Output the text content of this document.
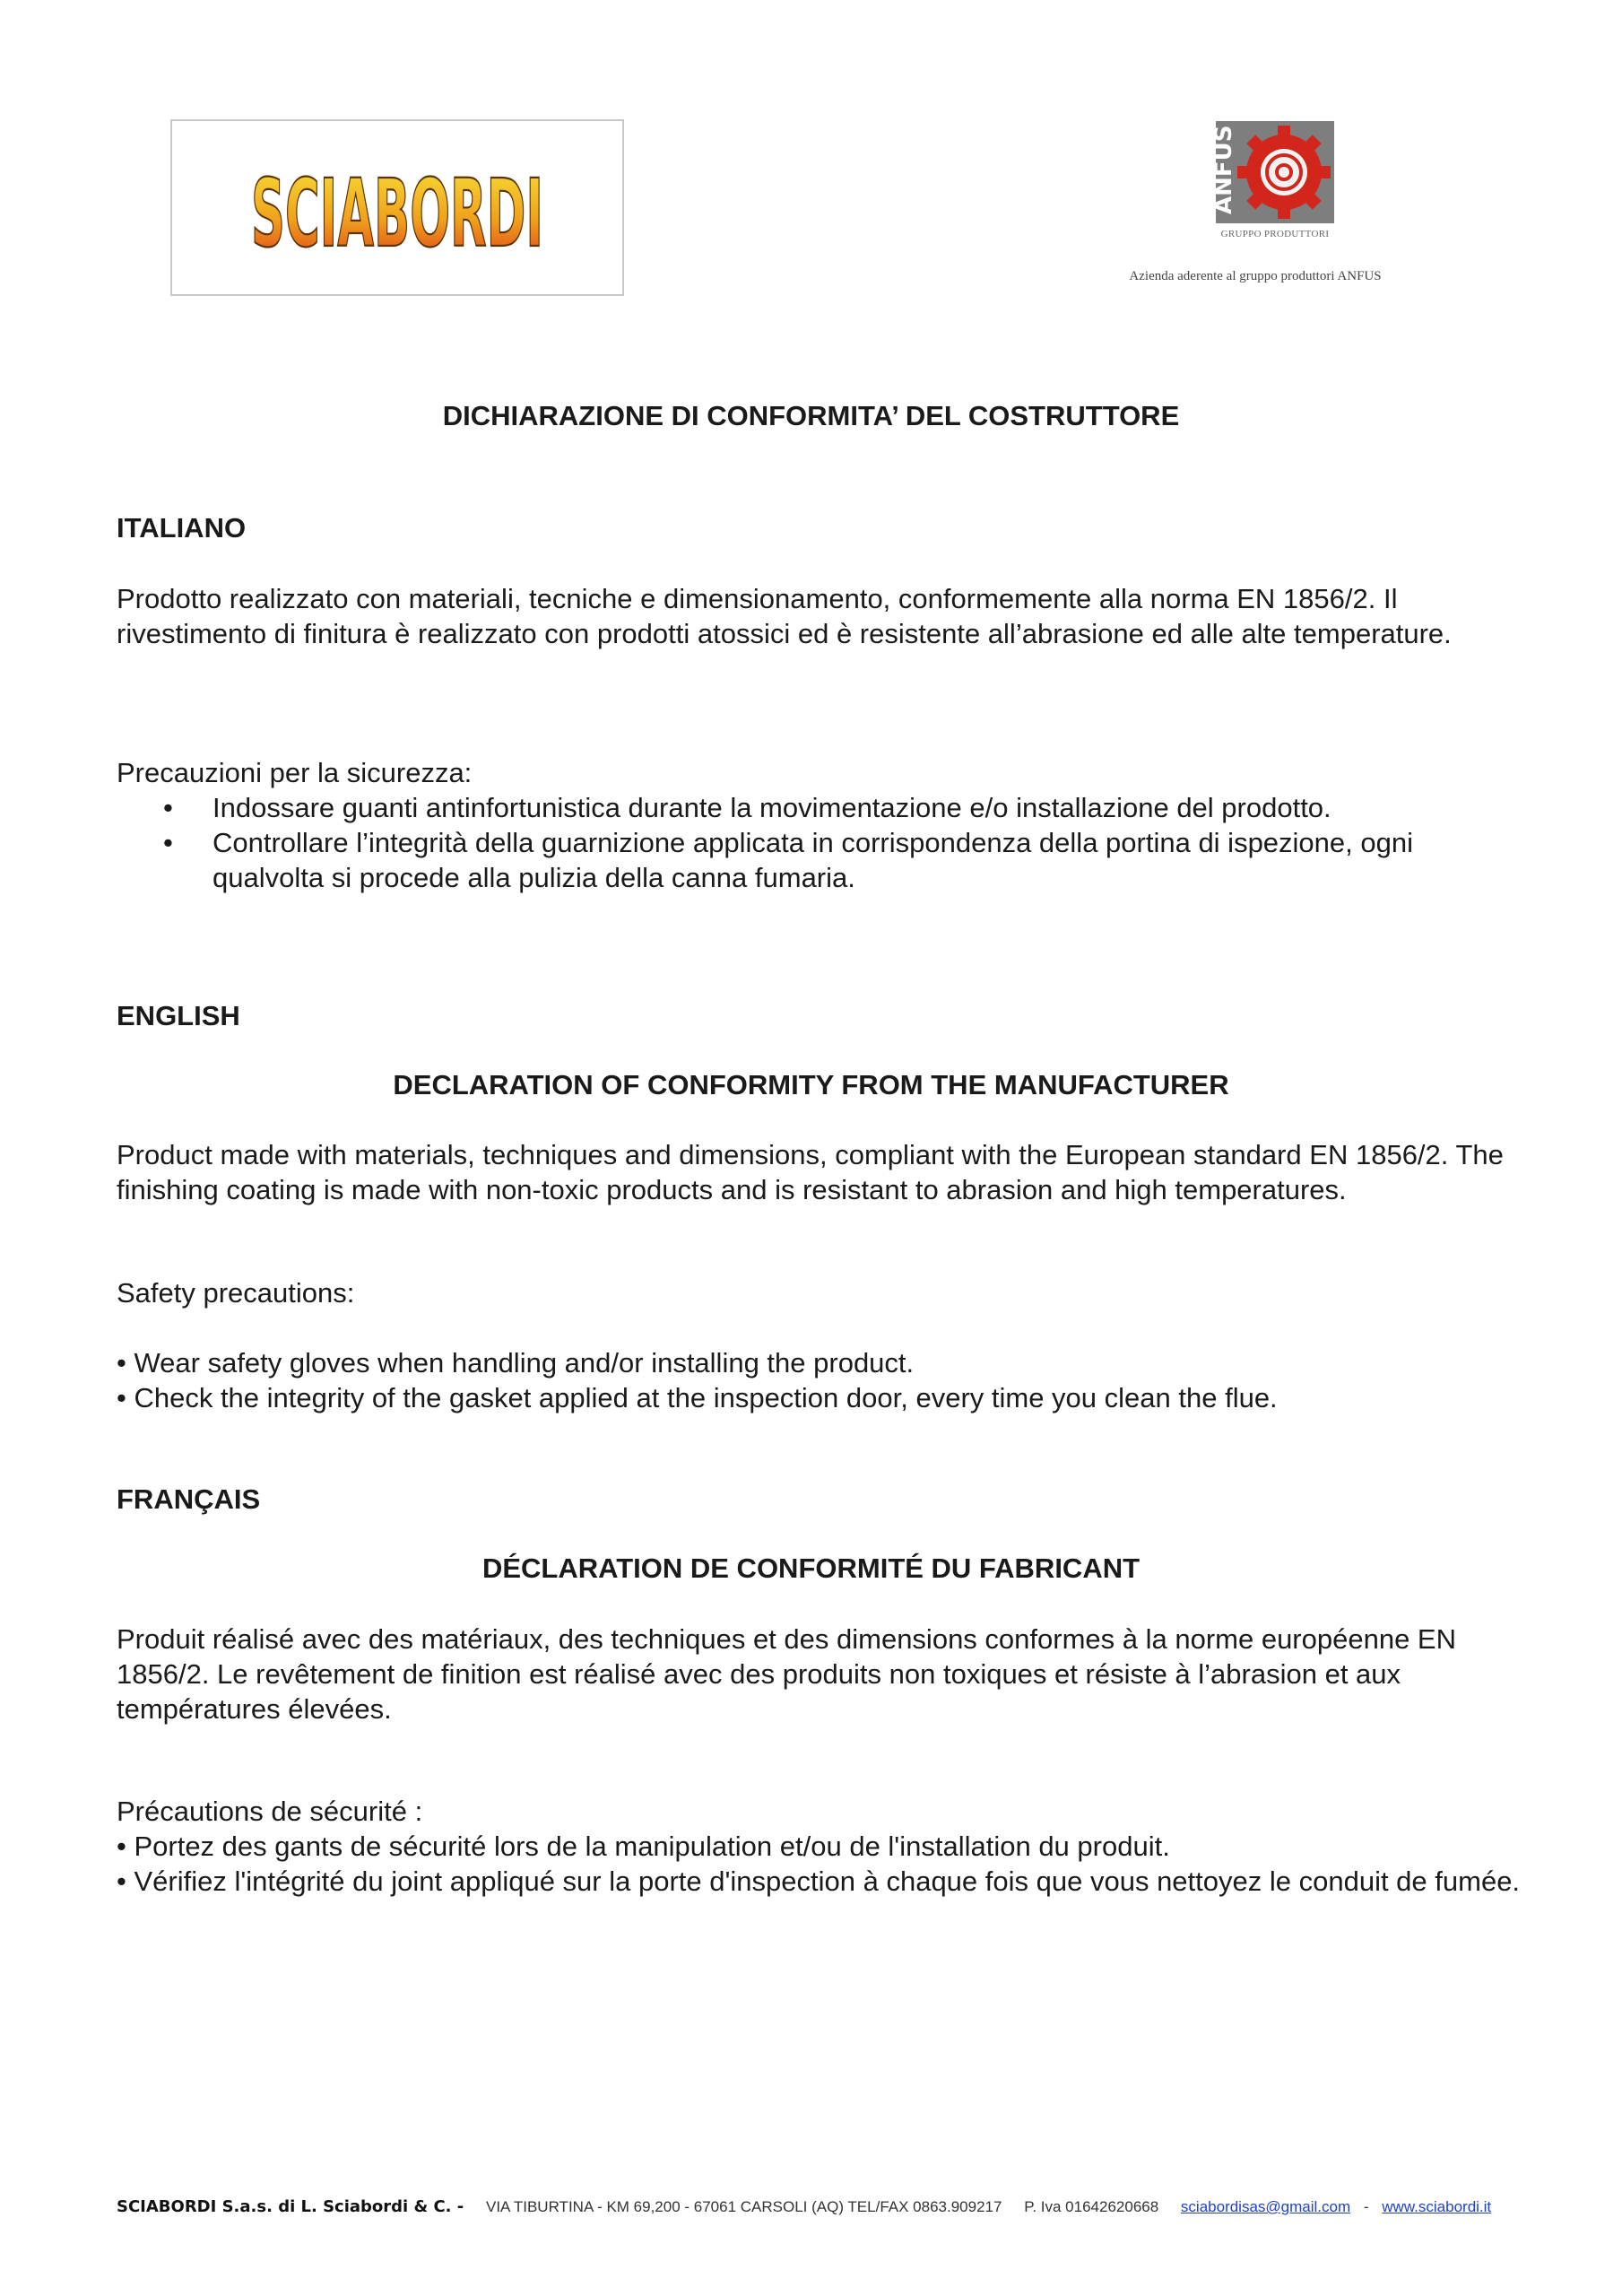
SCIABORDI	ANFUS
GRUPPO PRODUTTORI
Azienda aderente al gruppo produttori ANFUS
DICHIARAZIONE DI CONFORMITA’ DEL COSTRUTTORE
ITALIANO
Prodotto realizzato con materiali, tecniche e dimensionamento, conformemente alla norma EN 1856/2. Il rivestimento di finitura è realizzato con prodotti atossici ed è resistente all’abrasione ed alle alte temperature.
Precauzioni per la sicurezza:
• Indossare guanti antinfortunistica durante la movimentazione e/o installazione del prodotto.
• Controllare l’integrità della guarnizione applicata in corrispondenza della portina di ispezione, ogni qualvolta si procede alla pulizia della canna fumaria.
ENGLISH
DECLARATION OF CONFORMITY FROM THE MANUFACTURER
Product made with materials, techniques and dimensions, compliant with the European standard EN 1856/2. The finishing coating is made with non-toxic products and is resistant to abrasion and high temperatures.
Safety precautions:
• Wear safety gloves when handling and/or installing the product.
• Check the integrity of the gasket applied at the inspection door, every time you clean the flue.
FRANÇAIS
DÉCLARATION DE CONFORMITÉ DU FABRICANT
Produit réalisé avec des matériaux, des techniques et des dimensions conformes à la norme européenne EN 1856/2. Le revêtement de finition est réalisé avec des produits non toxiques et résiste à l’abrasion et aux températures élevées.
Précautions de sécurité :
• Portez des gants de sécurité lors de la manipulation et/ou de l'installation du produit.
• Vérifiez l'intégrité du joint appliqué sur la porte d'inspection à chaque fois que vous nettoyez le conduit de fumée.
SCIABORDI S.a.s. di L. Sciabordi & C. - VIA TIBURTINA - KM 69,200 - 67061 CARSOLI (AQ) TEL/FAX 0863.909217 P. Iva 01642620668 sciabordisas@gmail.com - www.sciabordi.it
